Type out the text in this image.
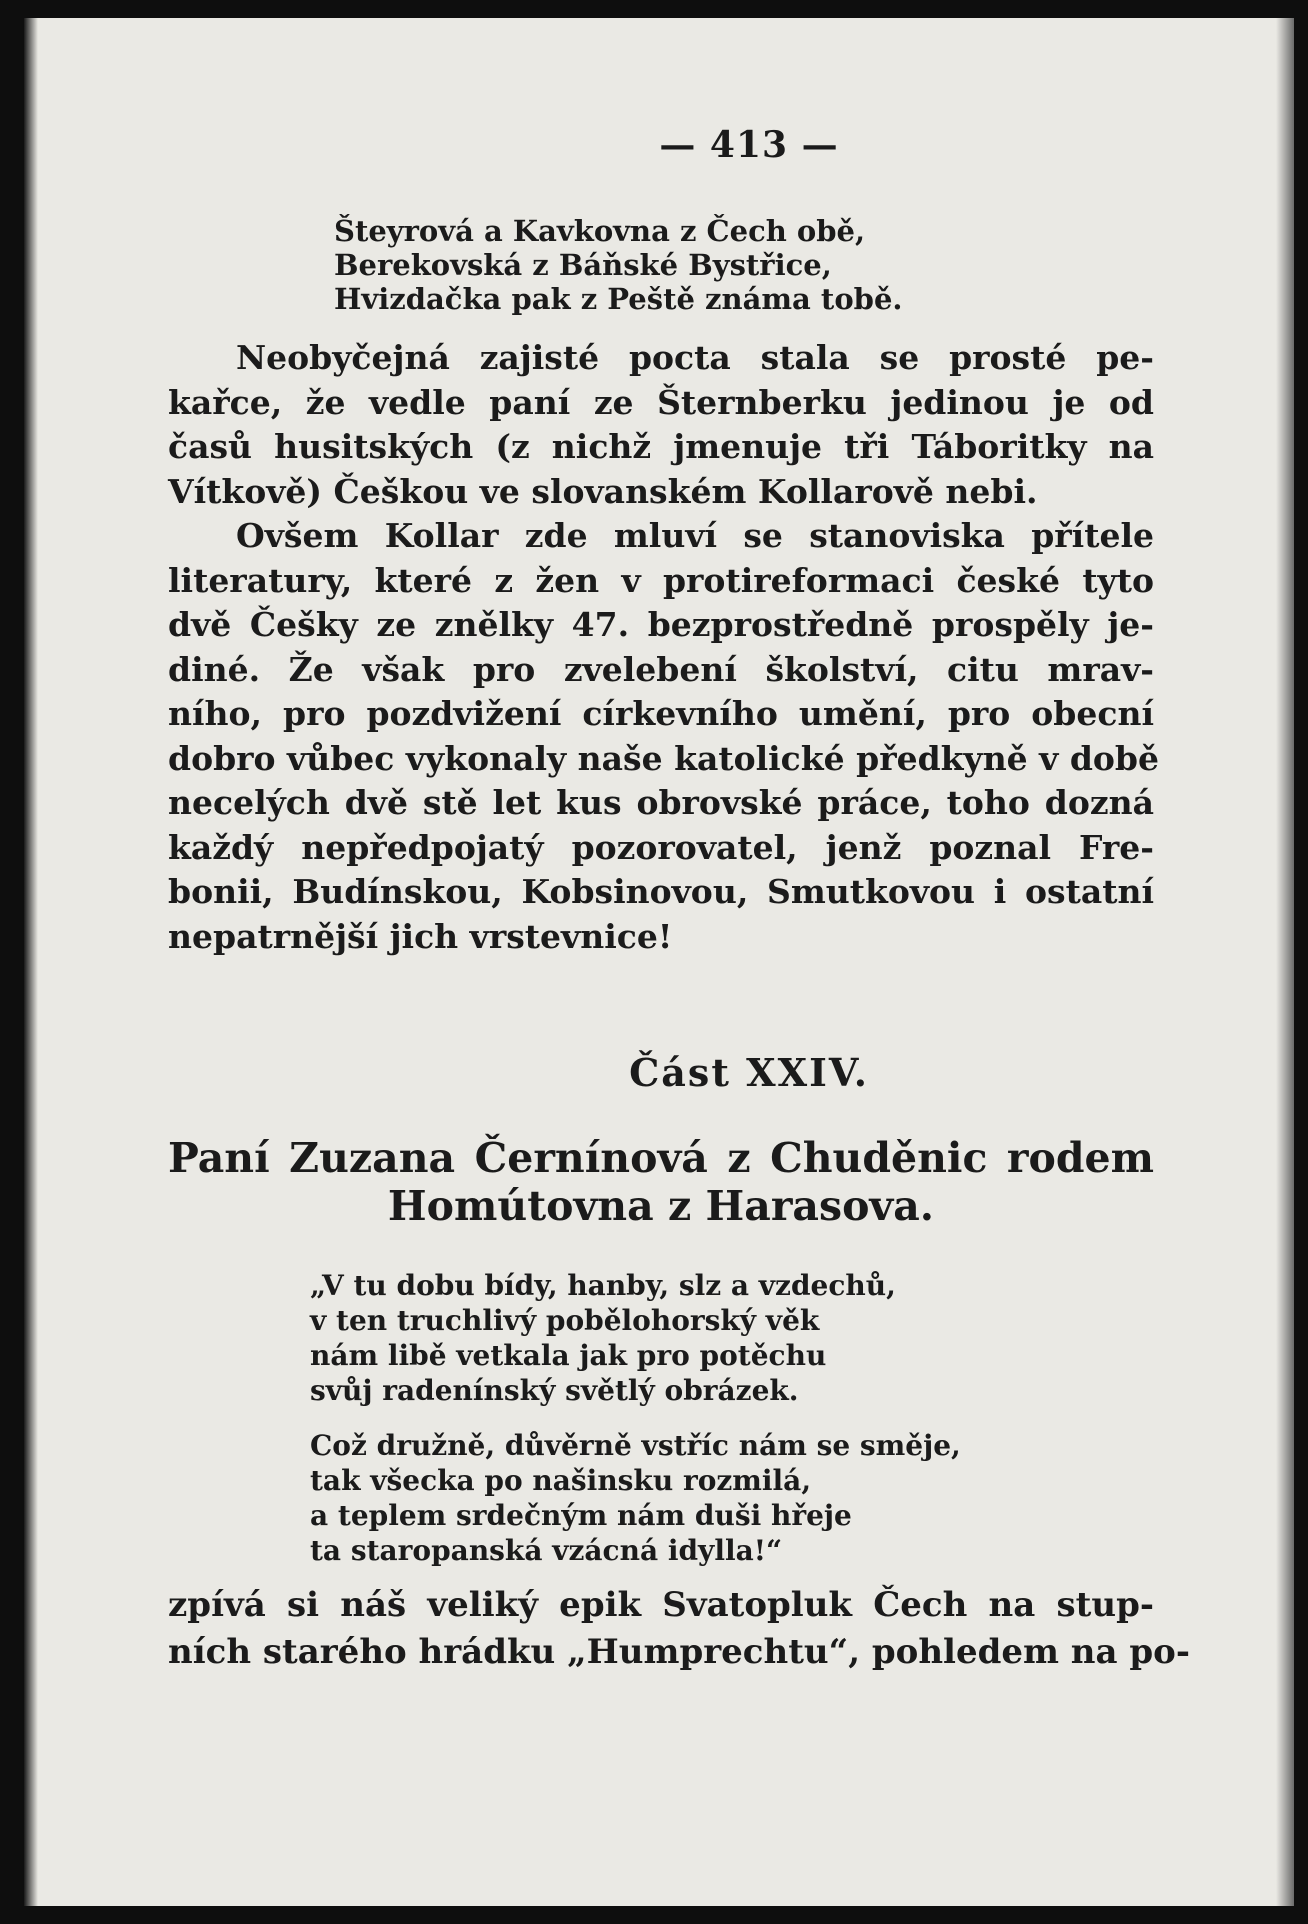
— 413 —
Šteyrová a Kavkovna z Čech obě,
Berekovská z Báňské Bystřice,
Hvizdačka pak z Peště známa tobě.
Neobyčejná zajisté pocta stala se prosté pe-
kařce, že vedle paní ze Šternberku jedinou je od
časů husitských (z nichž jmenuje tři Táboritky na
Vítkově) Češkou ve slovanském Kollarově nebi.
Ovšem Kollar zde mluví se stanoviska přítele
literatury, které z žen v protireformaci české tyto
dvě Češky ze znělky 47. bezprostředně prospěly je-
diné. Že však pro zvelebení školství, citu mrav-
ního, pro pozdvižení církevního umění, pro obecní
dobro vůbec vykonaly naše katolické předkyně v době
necelých dvě stě let kus obrovské práce, toho dozná
každý nepředpojatý pozorovatel, jenž poznal Fre-
bonii, Budínskou, Kobsinovou, Smutkovou i ostatní
nepatrnější jich vrstevnice!
Část XXIV.
Paní Zuzana Černínová z Chuděnic rodem
Homútovna z Harasova.
„V tu dobu bídy, hanby, slz a vzdechů,
v ten truchlivý pobělohorský věk
nám libě vetkala jak pro potěchu
svůj radenínský světlý obrázek.
Což družně, důvěrně vstříc nám se směje,
tak všecka po našinsku rozmilá,
a teplem srdečným nám duši hřeje
ta staropanská vzácná idylla!“
zpívá si náš veliký epik Svatopluk Čech na stup-
ních starého hrádku „Humprechtu“, pohledem na po-
